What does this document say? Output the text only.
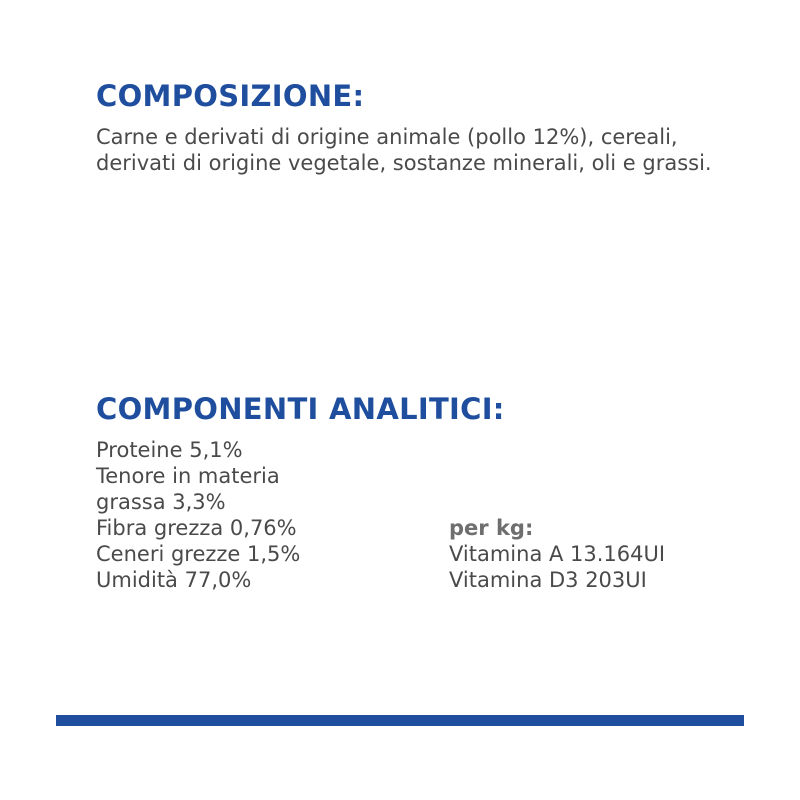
COMPOSIZIONE:

Carne e derivati di origine animale (pollo 12%), cereali, derivati di origine vegetale, sostanze minerali, oli e grassi.

COMPONENTI ANALITICI:
Proteine 5,1%
Tenore in materia
grassa 3,3%
Fibra grezza 0,76%
Ceneri grezze 1,5%
Umidità 77,0%
per kg:
Vitamina A 13.164UI
Vitamina D3 203UI
